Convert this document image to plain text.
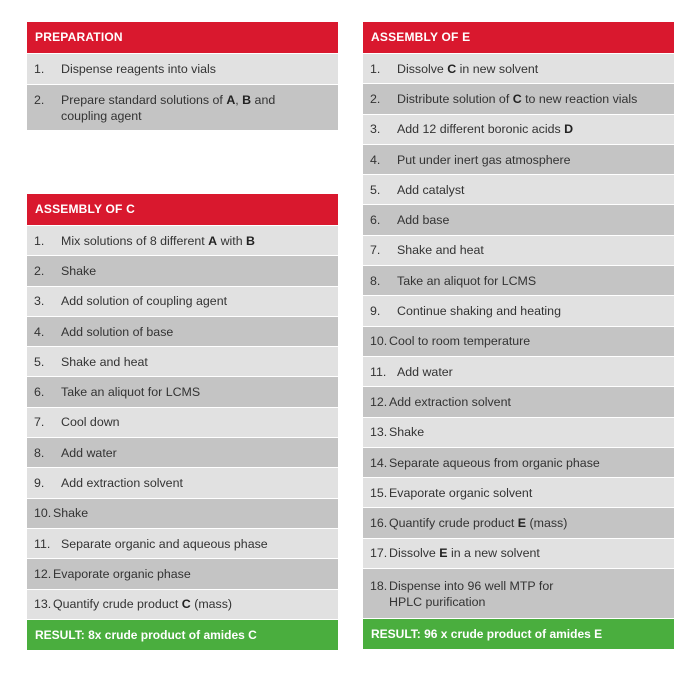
PREPARATION
1.	Dispense reagents into vials
2.	Prepare standard solutions of A, B and coupling agent
ASSEMBLY OF C
1.	Mix solutions of 8 different A with B
2.	Shake
3.	Add solution of coupling agent
4.	Add solution of base
5.	Shake and heat
6.	Take an aliquot for LCMS
7.	Cool down
8.	Add water
9.	Add extraction solvent
10. Shake
11. Separate organic and aqueous phase
12. Evaporate organic phase
13. Quantify crude product C (mass)
RESULT: 8x crude product of amides C
ASSEMBLY OF E
1.	Dissolve C in new solvent
2.	Distribute solution of C to new reaction vials
3.	Add 12 different boronic acids D
4.	Put under inert gas atmosphere
5.	Add catalyst
6.	Add base
7.	Shake and heat
8.	Take an aliquot for LCMS
9.	Continue shaking and heating
10. Cool to room temperature
11. Add water
12. Add extraction solvent
13. Shake
14. Separate aqueous from organic phase
15. Evaporate organic solvent
16. Quantify crude product E (mass)
17. Dissolve E in a new solvent
18. Dispense into 96 well MTP for HPLC purification
RESULT: 96 x crude product of amides E
